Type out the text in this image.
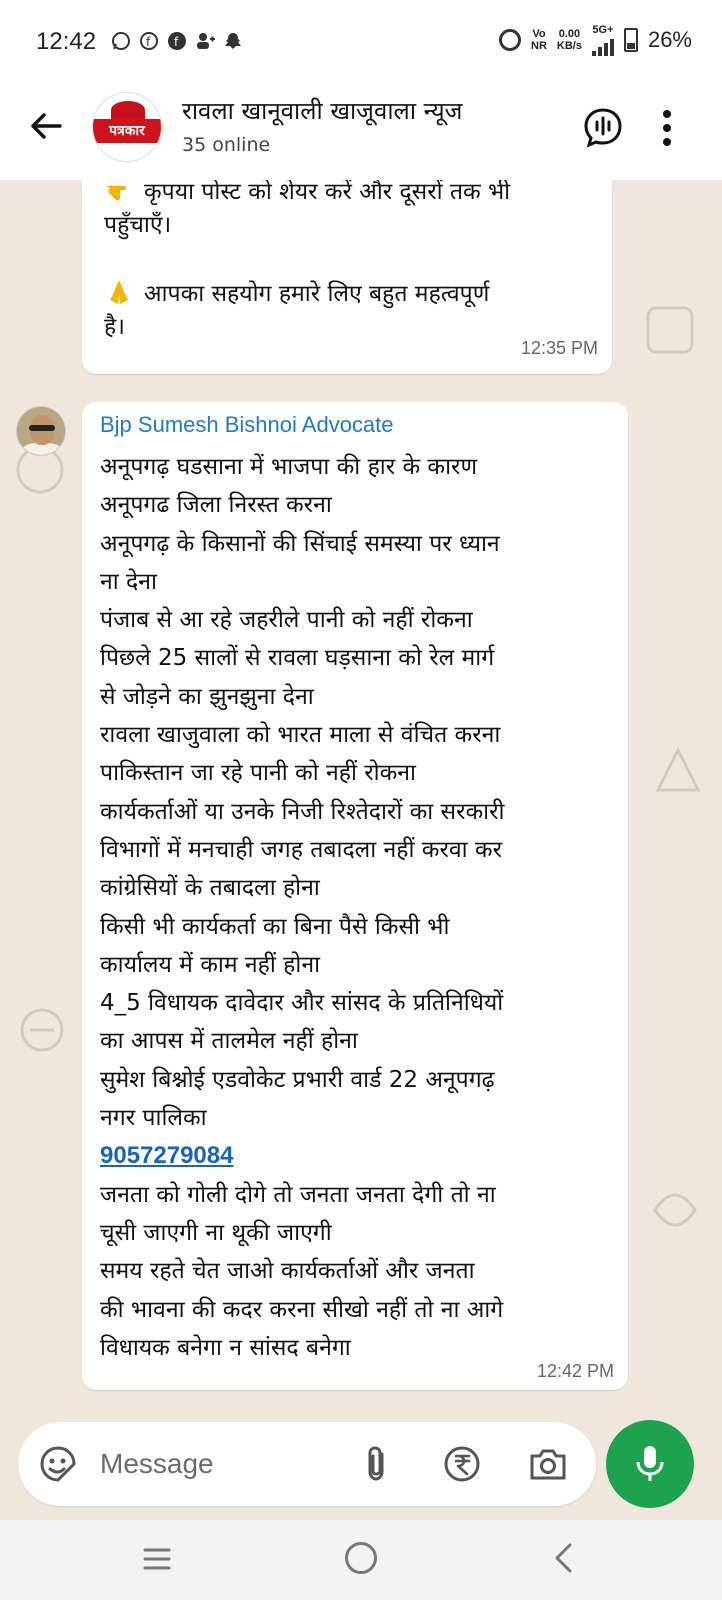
12:42	f f
Vo
NR
0.00
KB/s
5G+ 26%
पत्रकार
रावला खानूवाली खाजूवाला न्यूज
35 online
कृपया पोस्ट को शेयर करें और दूसरों तक भी
पहुँचाएँ।
आपका सहयोग हमारे लिए बहुत महत्वपूर्ण
है।
12:35 PM
Bjp Sumesh Bishnoi Advocate
अनूपगढ़ घडसाना में भाजपा की हार के कारण
अनूपगढ जिला निरस्त करना
अनूपगढ़ के किसानों की सिंचाई समस्या पर ध्यान
ना देना
पंजाब से आ रहे जहरीले पानी को नहीं रोकना
पिछले 25 सालों से रावला घड़साना को रेल मार्ग
से जोड़ने का झुनझुना देना
रावला खाजुवाला को भारत माला से वंचित करना
पाकिस्तान जा रहे पानी को नहीं रोकना
कार्यकर्ताओं या उनके निजी रिश्तेदारों का सरकारी
विभागों में मनचाही जगह तबादला नहीं करवा कर
कांग्रेसियों के तबादला होना
किसी भी कार्यकर्ता का बिना पैसे किसी भी
कार्यालय में काम नहीं होना
4_5 विधायक दावेदार और सांसद के प्रतिनिधियों
का आपस में तालमेल नहीं होना
सुमेश बिश्नोई एडवोकेट प्रभारी वार्ड 22 अनूपगढ़
नगर पालिका
9057279084
जनता को गोली दोगे तो जनता जनता देगी तो ना
चूसी जाएगी ना थूकी जाएगी
समय रहते चेत जाओ कार्यकर्ताओं और जनता
की भावना की कदर करना सीखो नहीं तो ना आगे
विधायक बनेगा न सांसद बनेगा
12:42 PM
Message
